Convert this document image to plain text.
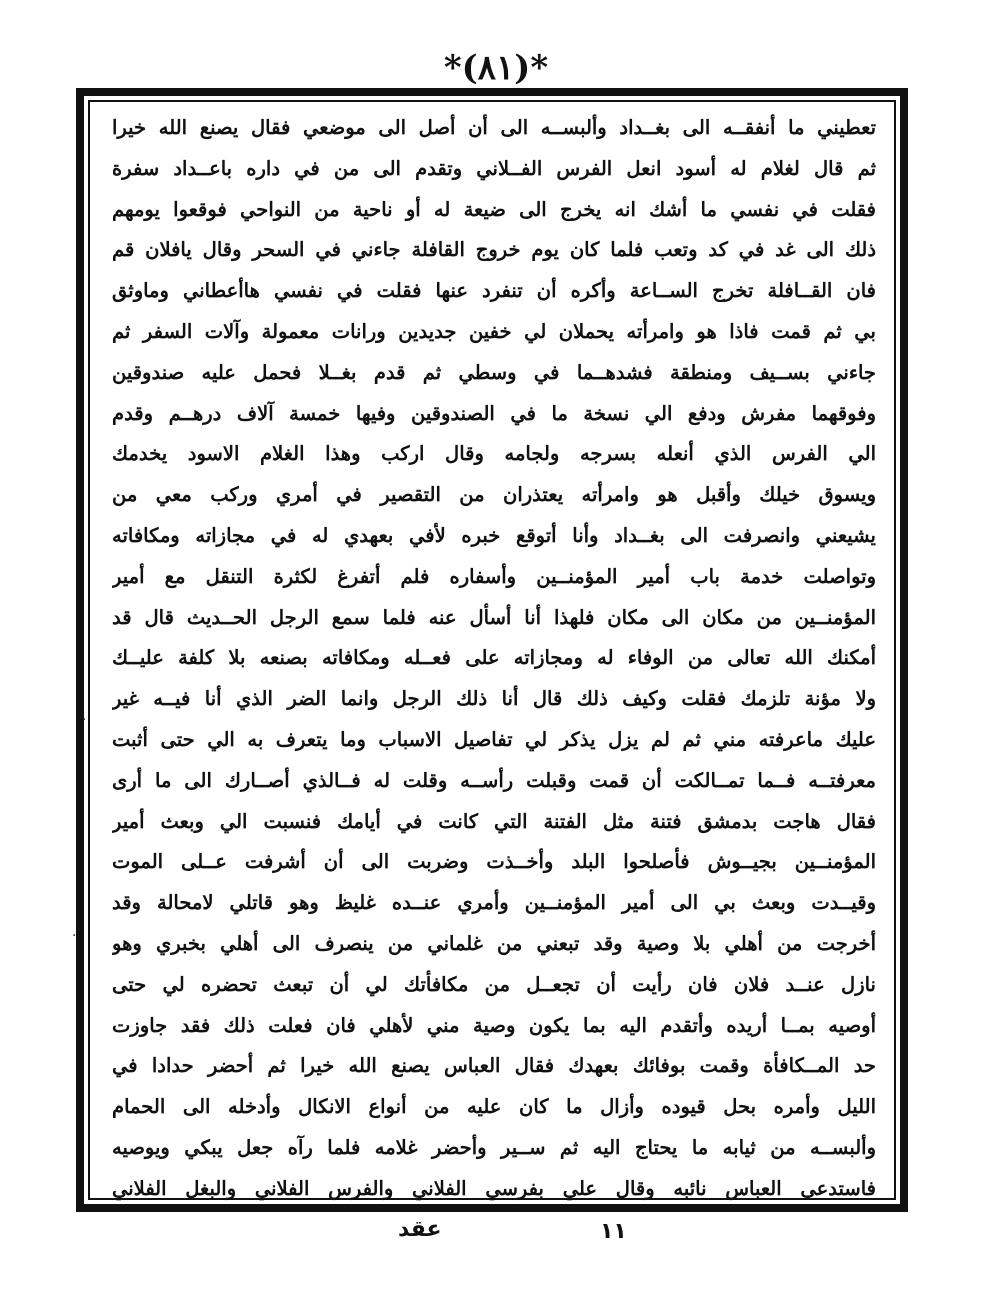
*(٨١)*
تعطيني ما أنفقــه الى بغــداد وألبســه الى أن أصل الى موضعي فقال يصنع الله خيرا
ثم قال لغلام له أسود انعل الفرس الفــلاني وتقدم الى من في داره باعــداد سفرة
فقلت في نفسي ما أشك انه يخرج الى ضيعة له أو ناحية من النواحي فوقعوا يومهم
ذلك الى غد في كد وتعب فلما كان يوم خروج القافلة جاءني في السحر وقال يافلان قم
فان القــافلة تخرج الســاعة وأكره أن تنفرد عنها فقلت في نفسي هاأعطاني وماوثق
بي ثم قمت فاذا هو وامرأته يحملان لي خفين جديدين ورانات معمولة وآلات السفر ثم
جاءني بســيف ومنطقة فشدهــما في وسطي ثم قدم بغــلا فحمل عليه صندوقين
وفوقهما مفرش ودفع الي نسخة ما في الصندوقين وفيها خمسة آلاف درهــم وقدم
الي الفرس الذي أنعله بسرجه ولجامه وقال اركب وهذا الغلام الاسود يخدمك
ويسوق خيلك وأقبل هو وامرأته يعتذران من التقصير في أمري وركب معي من
يشيعني وانصرفت الى بغــداد وأنا أتوقع خبره لأفي بعهدي له في مجازاته ومكافاته
وتواصلت خدمة باب أمير المؤمنــين وأسفاره فلم أتفرغ لكثرة التنقل مع أمير
المؤمنــين من مكان الى مكان فلهذا أنا أسأل عنه فلما سمع الرجل الحــديث قال قد
أمكنك الله تعالى من الوفاء له ومجازاته على فعــله ومكافاته بصنعه بلا كلفة عليــك
ولا مؤنة تلزمك فقلت وكيف ذلك قال أنا ذلك الرجل وانما الضر الذي أنا فيــه غير
عليك ماعرفته مني ثم لم يزل يذكر لي تفاصيل الاسباب وما يتعرف به الي حتى أثبت
معرفتــه فــما تمــالكت أن قمت وقبلت رأســه وقلت له فــالذي أصــارك الى ما أرى
فقال هاجت بدمشق فتنة مثل الفتنة التي كانت في أيامك فنسبت الي وبعث أمير
المؤمنــين بجيــوش فأصلحوا البلد وأخــذت وضربت الى أن أشرفت عــلى الموت
وقيــدت وبعث بي الى أمير المؤمنــين وأمري عنــده غليظ وهو قاتلي لامحالة وقد
أخرجت من أهلي بلا وصية وقد تبعني من غلماني من ينصرف الى أهلي بخبري وهو
نازل عنــد فلان فان رأيت أن تجعــل من مكافأتك لي أن تبعث تحضره لي حتى
أوصيه بمــا أريده وأتقدم اليه بما يكون وصية مني لأهلي فان فعلت ذلك فقد جاوزت
حد المــكافأة وقمت بوفائك بعهدك فقال العباس يصنع الله خيرا ثم أحضر حدادا في
الليل وأمره بحل قيوده وأزال ما كان عليه من أنواع الانكال وأدخله الى الحمام
وألبســه من ثيابه ما يحتاج اليه ثم ســير وأحضر غلامه فلما رآه جعل يبكي ويوصيه
فاستدعى العباس نائبه وقال علي بفرسي الفلاني والفرس الفلاني والبغل الفلاني
·
·
عقد	١١
